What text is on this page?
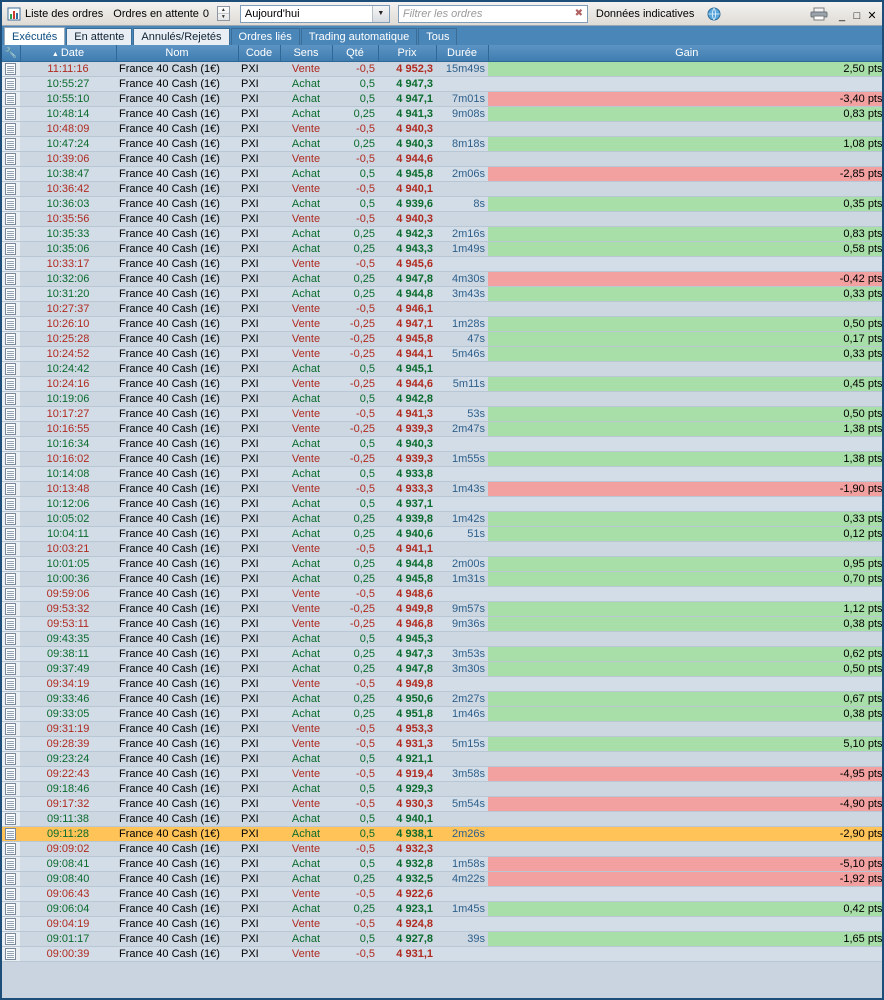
Liste des ordres Ordres en attente 0	▲
▼	Aujourd'hui	▼	Filtrer les ordres	✖	Données indicatives	_ □ ✕
Exécutés En attente Annulés/Rejetés Ordres liés Trading automatique Tous
🔧	▲ Date	Nom	Code	Sens	Qté	Prix	Durée	Gain
	11:11:16	France 40 Cash (1€)	PXI	Vente	-0,5	4 952,3	15m49s	2,50 pts
	10:55:27	France 40 Cash (1€)	PXI	Achat	0,5	4 947,3		
	10:55:10	France 40 Cash (1€)	PXI	Achat	0,5	4 947,1	7m01s	-3,40 pts
	10:48:14	France 40 Cash (1€)	PXI	Achat	0,25	4 941,3	9m08s	0,83 pts
	10:48:09	France 40 Cash (1€)	PXI	Vente	-0,5	4 940,3		
	10:47:24	France 40 Cash (1€)	PXI	Achat	0,25	4 940,3	8m18s	1,08 pts
	10:39:06	France 40 Cash (1€)	PXI	Vente	-0,5	4 944,6		
	10:38:47	France 40 Cash (1€)	PXI	Achat	0,5	4 945,8	2m06s	-2,85 pts
	10:36:42	France 40 Cash (1€)	PXI	Vente	-0,5	4 940,1		
	10:36:03	France 40 Cash (1€)	PXI	Achat	0,5	4 939,6	8s	0,35 pts
	10:35:56	France 40 Cash (1€)	PXI	Vente	-0,5	4 940,3		
	10:35:33	France 40 Cash (1€)	PXI	Achat	0,25	4 942,3	2m16s	0,83 pts
	10:35:06	France 40 Cash (1€)	PXI	Achat	0,25	4 943,3	1m49s	0,58 pts
	10:33:17	France 40 Cash (1€)	PXI	Vente	-0,5	4 945,6		
	10:32:06	France 40 Cash (1€)	PXI	Achat	0,25	4 947,8	4m30s	-0,42 pts
	10:31:20	France 40 Cash (1€)	PXI	Achat	0,25	4 944,8	3m43s	0,33 pts
	10:27:37	France 40 Cash (1€)	PXI	Vente	-0,5	4 946,1		
	10:26:10	France 40 Cash (1€)	PXI	Vente	-0,25	4 947,1	1m28s	0,50 pts
	10:25:28	France 40 Cash (1€)	PXI	Vente	-0,25	4 945,8	47s	0,17 pts
	10:24:52	France 40 Cash (1€)	PXI	Vente	-0,25	4 944,1	5m46s	0,33 pts
	10:24:42	France 40 Cash (1€)	PXI	Achat	0,5	4 945,1		
	10:24:16	France 40 Cash (1€)	PXI	Vente	-0,25	4 944,6	5m11s	0,45 pts
	10:19:06	France 40 Cash (1€)	PXI	Achat	0,5	4 942,8		
	10:17:27	France 40 Cash (1€)	PXI	Vente	-0,5	4 941,3	53s	0,50 pts
	10:16:55	France 40 Cash (1€)	PXI	Vente	-0,25	4 939,3	2m47s	1,38 pts
	10:16:34	France 40 Cash (1€)	PXI	Achat	0,5	4 940,3		
	10:16:02	France 40 Cash (1€)	PXI	Vente	-0,25	4 939,3	1m55s	1,38 pts
	10:14:08	France 40 Cash (1€)	PXI	Achat	0,5	4 933,8		
	10:13:48	France 40 Cash (1€)	PXI	Vente	-0,5	4 933,3	1m43s	-1,90 pts
	10:12:06	France 40 Cash (1€)	PXI	Achat	0,5	4 937,1		
	10:05:02	France 40 Cash (1€)	PXI	Achat	0,25	4 939,8	1m42s	0,33 pts
	10:04:11	France 40 Cash (1€)	PXI	Achat	0,25	4 940,6	51s	0,12 pts
	10:03:21	France 40 Cash (1€)	PXI	Vente	-0,5	4 941,1		
	10:01:05	France 40 Cash (1€)	PXI	Achat	0,25	4 944,8	2m00s	0,95 pts
	10:00:36	France 40 Cash (1€)	PXI	Achat	0,25	4 945,8	1m31s	0,70 pts
	09:59:06	France 40 Cash (1€)	PXI	Vente	-0,5	4 948,6		
	09:53:32	France 40 Cash (1€)	PXI	Vente	-0,25	4 949,8	9m57s	1,12 pts
	09:53:11	France 40 Cash (1€)	PXI	Vente	-0,25	4 946,8	9m36s	0,38 pts
	09:43:35	France 40 Cash (1€)	PXI	Achat	0,5	4 945,3		
	09:38:11	France 40 Cash (1€)	PXI	Achat	0,25	4 947,3	3m53s	0,62 pts
	09:37:49	France 40 Cash (1€)	PXI	Achat	0,25	4 947,8	3m30s	0,50 pts
	09:34:19	France 40 Cash (1€)	PXI	Vente	-0,5	4 949,8		
	09:33:46	France 40 Cash (1€)	PXI	Achat	0,25	4 950,6	2m27s	0,67 pts
	09:33:05	France 40 Cash (1€)	PXI	Achat	0,25	4 951,8	1m46s	0,38 pts
	09:31:19	France 40 Cash (1€)	PXI	Vente	-0,5	4 953,3		
	09:28:39	France 40 Cash (1€)	PXI	Vente	-0,5	4 931,3	5m15s	5,10 pts
	09:23:24	France 40 Cash (1€)	PXI	Achat	0,5	4 921,1		
	09:22:43	France 40 Cash (1€)	PXI	Vente	-0,5	4 919,4	3m58s	-4,95 pts
	09:18:46	France 40 Cash (1€)	PXI	Achat	0,5	4 929,3		
	09:17:32	France 40 Cash (1€)	PXI	Vente	-0,5	4 930,3	5m54s	-4,90 pts
	09:11:38	France 40 Cash (1€)	PXI	Achat	0,5	4 940,1		
	09:11:28	France 40 Cash (1€)	PXI	Achat	0,5	4 938,1	2m26s	-2,90 pts
	09:09:02	France 40 Cash (1€)	PXI	Vente	-0,5	4 932,3		
	09:08:41	France 40 Cash (1€)	PXI	Achat	0,5	4 932,8	1m58s	-5,10 pts
	09:08:40	France 40 Cash (1€)	PXI	Achat	0,25	4 932,5	4m22s	-1,92 pts
	09:06:43	France 40 Cash (1€)	PXI	Vente	-0,5	4 922,6		
	09:06:04	France 40 Cash (1€)	PXI	Achat	0,25	4 923,1	1m45s	0,42 pts
	09:04:19	France 40 Cash (1€)	PXI	Vente	-0,5	4 924,8		
	09:01:17	France 40 Cash (1€)	PXI	Achat	0,5	4 927,8	39s	1,65 pts
	09:00:39	France 40 Cash (1€)	PXI	Vente	-0,5	4 931,1		
